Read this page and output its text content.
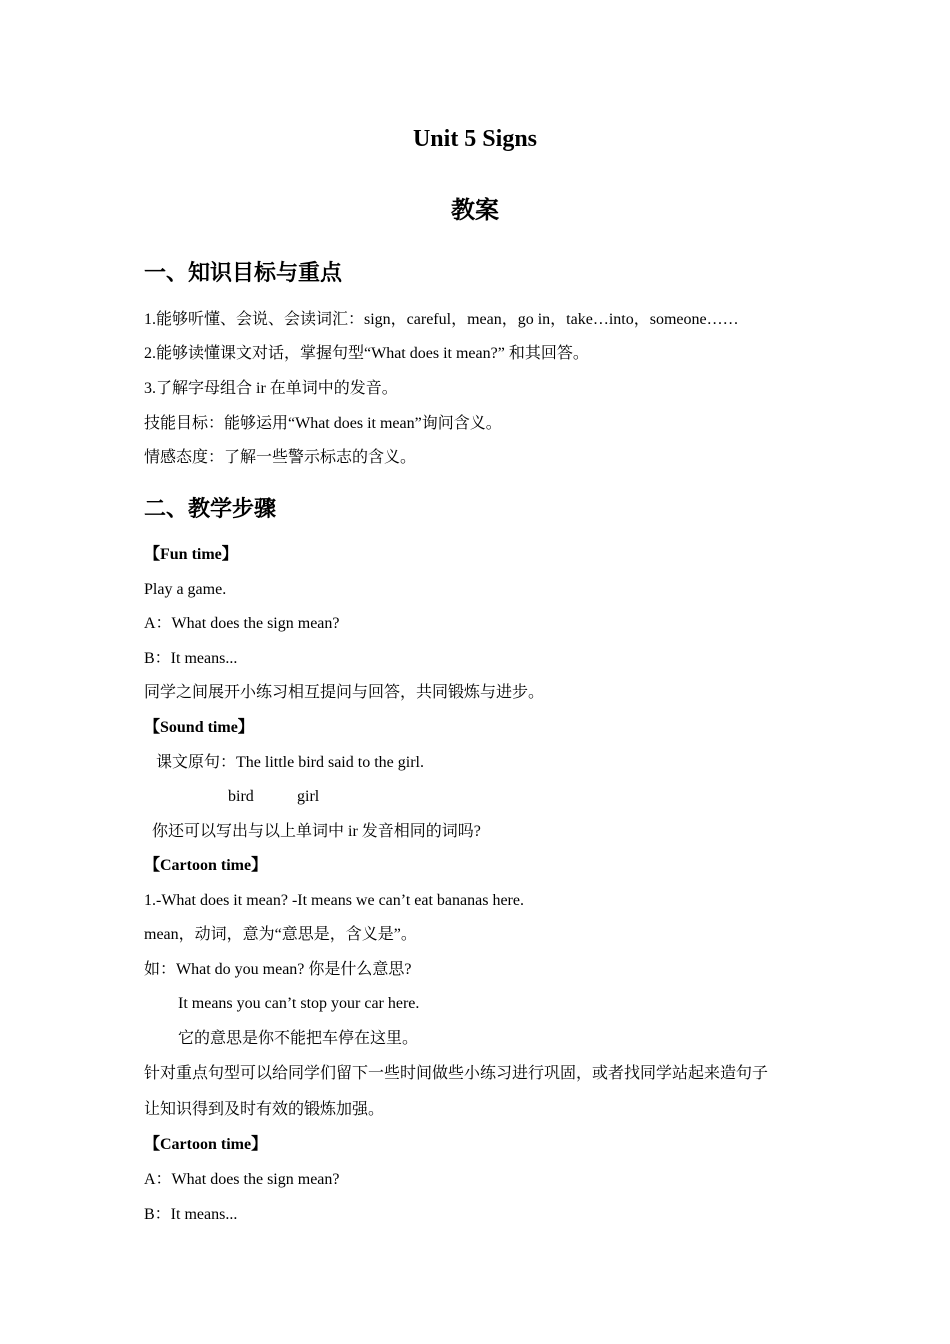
Unit 5 Signs
教案
一、知识目标与重点
1.能够听懂、会说、会读词汇：sign，careful，mean，go in，take…into，someone……
2.能够读懂课文对话，掌握句型“What does it mean?” 和其回答。
3.了解字母组合 ir 在单词中的发音。
技能目标：能够运用“What does it mean”询问含义。
情感态度：了解一些警示标志的含义。
二、教学步骤
【Fun time】
Play a game.
A：What does the sign mean?
B：It means...
同学之间展开小练习相互提问与回答，共同锻炼与进步。
【Sound time】
课文原句：The little bird said to the girl.
bird	girl
你还可以写出与以上单词中 ir 发音相同的词吗?
【Cartoon time】
1.-What does it mean? -It means we can’t eat bananas here.
mean，动词，意为“意思是，含义是”。
如：What do you mean? 你是什么意思?
It means you can’t stop your car here.
它的意思是你不能把车停在这里。
针对重点句型可以给同学们留下一些时间做些小练习进行巩固，或者找同学站起来造句子
让知识得到及时有效的锻炼加强。
【Cartoon time】
A：What does the sign mean?
B：It means...
